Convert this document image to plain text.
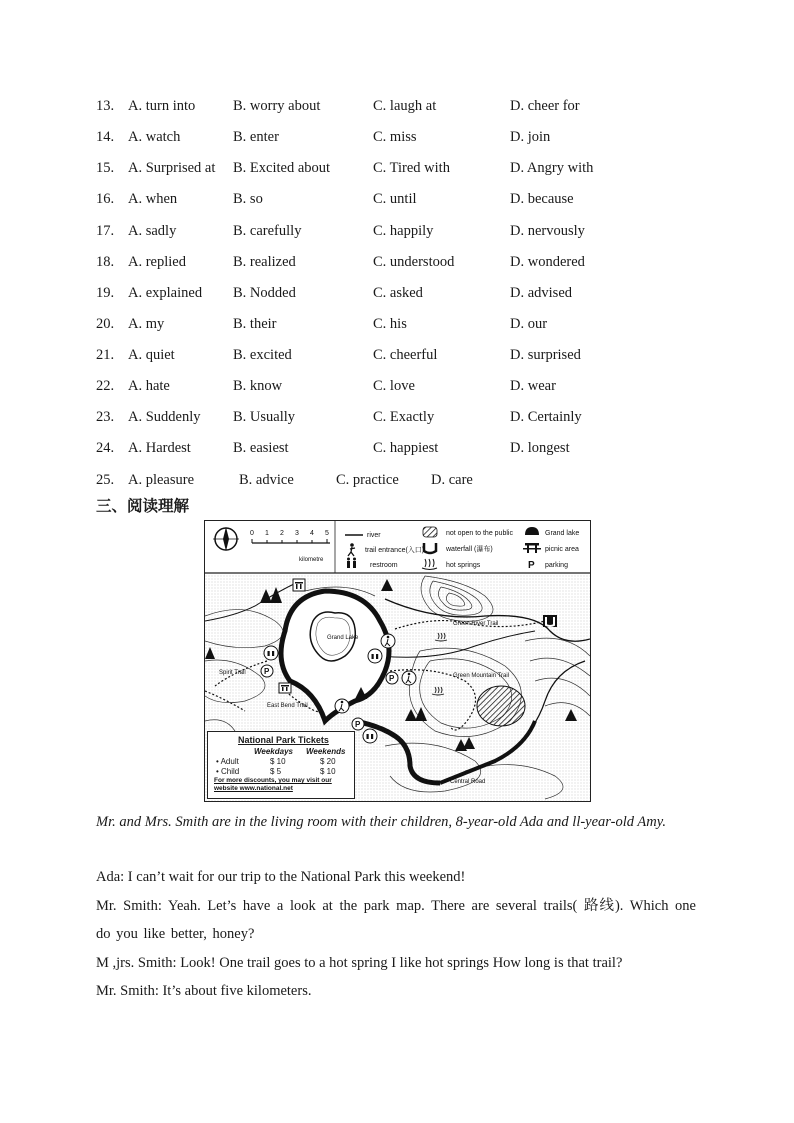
13. A. turn into	B. worry about	C. laugh at	D. cheer for
14. A. watch	B. enter	C. miss	D. join
15. A. Surprised at B. Excited about	C. Tired with	D. Angry with
16. A. when	B. so	C. until	D. because
17. A. sadly	B. carefully	C. happily	D. nervously
18. A. replied	B. realized	C. understood	D. wondered
19. A. explained B. Nodded	C. asked	D. advised
20. A. my	B. their	C. his	D. our
21. A. quiet	B. excited	C. cheerful	D. surprised
22. A. hate	B. know	C. love	D. wear
23. A. Suddenly B. Usually	C. Exactly	D. Certainly
24. A. Hardest	B. easiest	C. happiest	D. longest
25. A. pleasure	B. advice	C. practice D. care
三、阅读理解
0 1 2 3 4 5
kilometre
river
trail entrance(入口)
restroom
not open to the public
waterfall (瀑布)
hot springs
Grand lake
picnic area
P parking
Grand Lake
Central Road
Green River Trail
Green Mountain Trail
Spirit Trail
East Bend Trail
P
P
P
National Park Tickets
Weekdays Weekends
• Adult	$ 10	$ 20
• Child	$ 5	$ 10
For more discounts, you may visit our
website www.national.net
Mr. and Mrs. Smith are in the living room with their children, 8-year-old Ada and ll-year-old Amy.
Ada: I can’t wait for our trip to the National Park this weekend!
Mr. Smith: Yeah. Let’s have a look at the park map. There are several trails( 路线). Which one do you like better, honey?
M ,jrs. Smith: Look! One trail goes to a hot spring I like hot springs How long is that trail?
Mr. Smith: It’s about five kilometers.
